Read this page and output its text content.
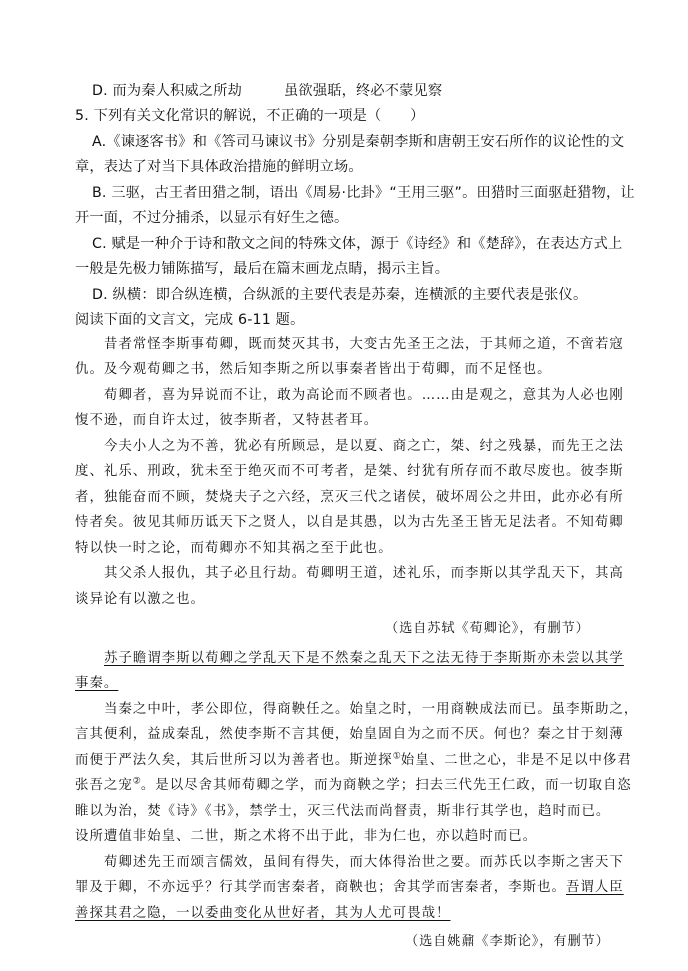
D. 而为秦人积威之所劫	虽欲强聒，终必不蒙见察
5. 下列有关文化常识的解说，不正确的一项是（　　）
A.《谏逐客书》和《答司马谏议书》分别是秦朝李斯和唐朝王安石所作的议论性的文
章，表达了对当下具体政治措施的鲜明立场。
B. 三驱，古王者田猎之制，语出《周易·比卦》“王用三驱”。田猎时三面驱赶猎物，让
开一面，不过分捕杀，以显示有好生之德。
C. 赋是一种介于诗和散文之间的特殊文体，源于《诗经》和《楚辞》，在表达方式上
一般是先极力铺陈描写，最后在篇末画龙点睛，揭示主旨。
D. 纵横：即合纵连横，合纵派的主要代表是苏秦，连横派的主要代表是张仪。
阅读下面的文言文，完成 6-11 题。
昔者常怪李斯事荀卿，既而焚灭其书，大变古先圣王之法，于其师之道，不啻若寇
仇。及今观荀卿之书，然后知李斯之所以事秦者皆出于荀卿，而不足怪也。
荀卿者，喜为异说而不让，敢为高论而不顾者也。……由是观之，意其为人必也刚
愎不逊，而自许太过，彼李斯者，又特甚者耳。
今夫小人之为不善，犹必有所顾忌，是以夏、商之亡，桀、纣之残暴，而先王之法
度、礼乐、刑政，犹未至于绝灭而不可考者，是桀、纣犹有所存而不敢尽废也。彼李斯
者，独能奋而不顾，焚烧夫子之六经，烹灭三代之诸侯，破坏周公之井田，此亦必有所
恃者矣。彼见其师历诋天下之贤人，以自是其愚，以为古先圣王皆无足法者。不知荀卿
特以快一时之论，而荀卿亦不知其祸之至于此也。
其父杀人报仇，其子必且行劫。荀卿明王道，述礼乐，而李斯以其学乱天下，其高
谈异论有以激之也。
（选自苏轼《荀卿论》，有删节）
苏子瞻谓李斯以荀卿之学乱天下是不然秦之乱天下之法无待于李斯斯亦未尝以其学
事秦。
当秦之中叶，孝公即位，得商鞅任之。始皇之时，一用商鞅成法而已。虽李斯助之，
言其便利，益成秦乱，然使李斯不言其便，始皇固自为之而不厌。何也？秦之甘于刻薄
而便于严法久矣，其后世所习以为善者也。斯逆探①始皇、二世之心，非是不足以中侈君
张吾之宠②。是以尽舍其师荀卿之学，而为商鞅之学；扫去三代先王仁政，而一切取自恣
睢以为治，焚《诗》《书》，禁学士，灭三代法而尚督责，斯非行其学也，趋时而已。
设所遭值非始皇、二世，斯之术将不出于此，非为仁也，亦以趋时而已。
荀卿述先王而颂言儒效，虽间有得失，而大体得治世之要。而苏氏以李斯之害天下
罪及于卿，不亦远乎？行其学而害秦者，商鞅也；舍其学而害秦者，李斯也。吾谓人臣
善探其君之隐，一以委曲变化从世好者，其为人尤可畏哉！
（选自姚鼐《李斯论》，有删节）
